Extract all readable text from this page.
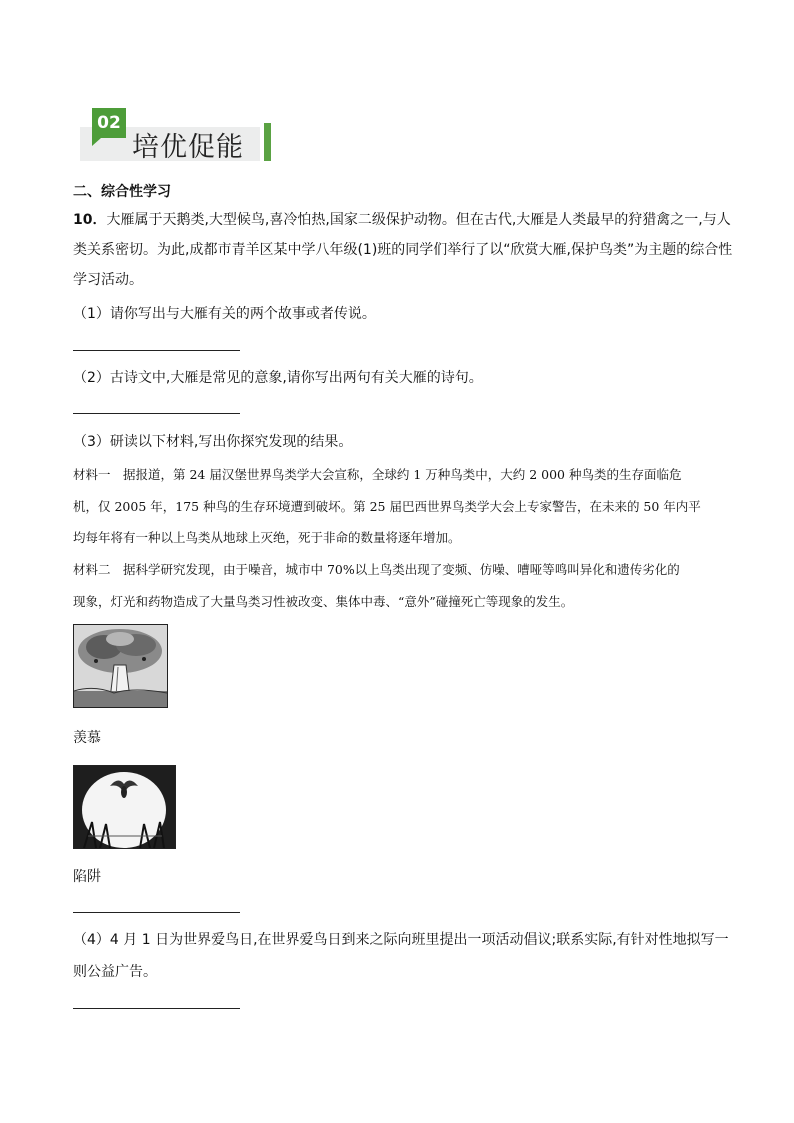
02
培优促能
二、综合性学习
10．大雁属于天鹅类,大型候鸟,喜冷怕热,国家二级保护动物。但在古代,大雁是人类最早的狩猎禽之一,与人
类关系密切。为此,成都市青羊区某中学八年级(1)班的同学们举行了以“欣赏大雁,保护鸟类”为主题的综合性
学习活动。
（1）请你写出与大雁有关的两个故事或者传说。
（2）古诗文中,大雁是常见的意象,请你写出两句有关大雁的诗句。
（3）研读以下材料,写出你探究发现的结果。
材料一　据报道，第 24 届汉堡世界鸟类学大会宣称，全球约 1 万种鸟类中，大约 2 000 种鸟类的生存面临危
机，仅 2005 年，175 种鸟的生存环境遭到破坏。第 25 届巴西世界鸟类学大会上专家警告，在未来的 50 年内平
均每年将有一种以上鸟类从地球上灭绝，死于非命的数量将逐年增加。
材料二　据科学研究发现，由于噪音，城市中 70%以上鸟类出现了变频、仿噪、嘈哑等鸣叫异化和遗传劣化的
现象，灯光和药物造成了大量鸟类习性被改变、集体中毒、“意外”碰撞死亡等现象的发生。
羡慕
陷阱
（4）4 月 1 日为世界爱鸟日,在世界爱鸟日到来之际向班里提出一项活动倡议;联系实际,有针对性地拟写一
则公益广告。
